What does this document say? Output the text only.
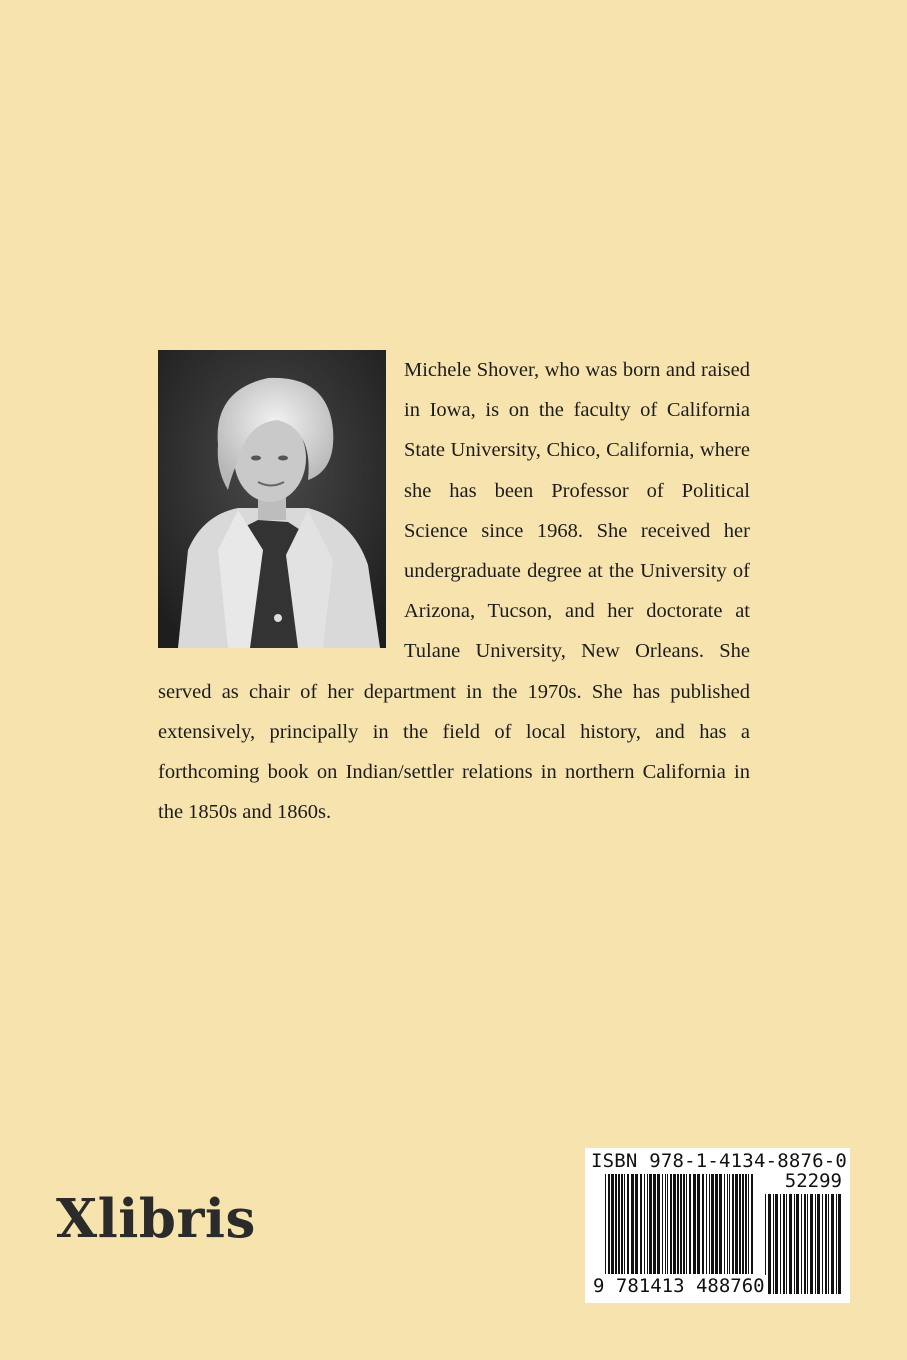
Michele Shover, who was born and raised in Iowa, is on the faculty of California State University, Chico, California, where she has been Professor of Political Science since 1968. She received her undergraduate degree at the University of Arizona, Tucson, and her doctorate at Tulane University, New Orleans. She served as chair of her department in the 1970s. She has published extensively, principally in the field of local history, and has a forthcoming book on Indian/settler relations in northern California in the 1850s and 1860s.

Xlibris
ISBN 978-1-4134-8876-0
52299
9 781413 488760
